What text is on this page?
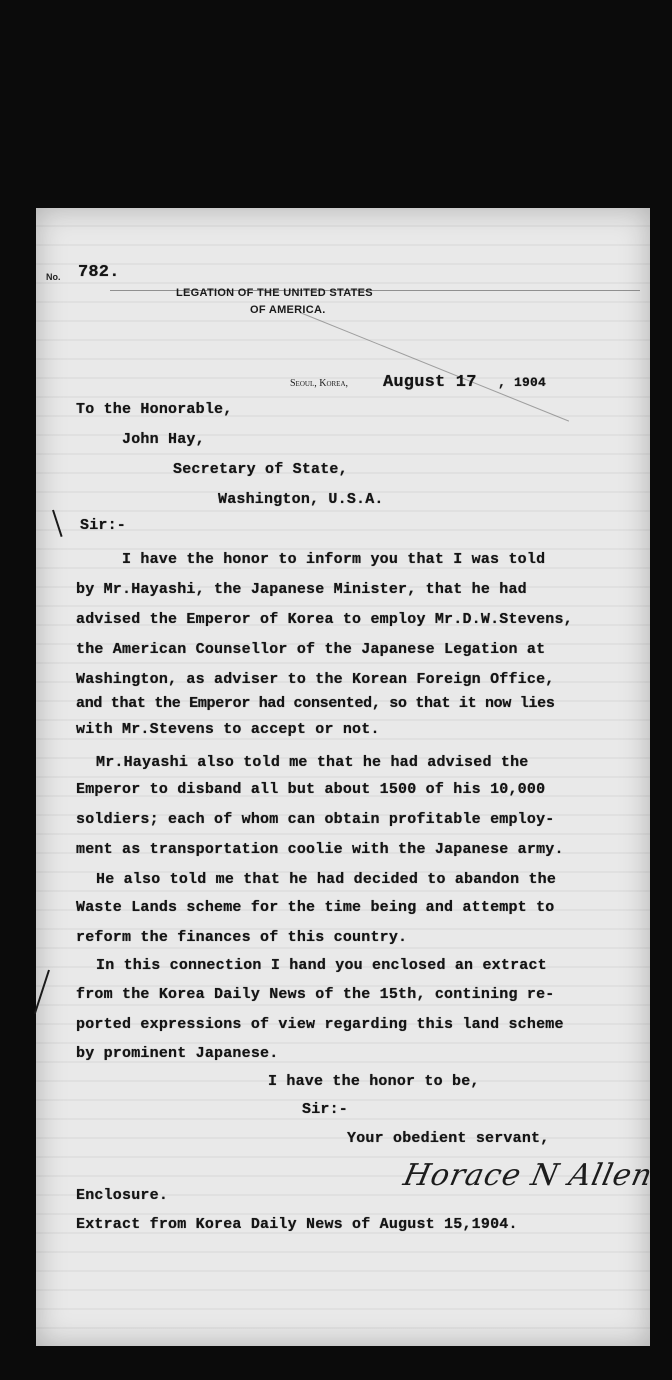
No. 782.
LEGATION OF THE UNITED STATES
OF AMERICA.
Seoul, Korea, August 17 , 1904
To the Honorable,
John Hay,
Secretary of State,
Washington, U.S.A.
Sir:-
I have the honor to inform you that I was told
by Mr.Hayashi, the Japanese Minister, that he had
advised the Emperor of Korea to employ Mr.D.W.Stevens,
the American Counsellor of the Japanese Legation at
Washington, as adviser to the Korean Foreign Office,
and that the Emperor had consented, so that it now lies
with Mr.Stevens to accept or not.
Mr.Hayashi also told me that he had advised the
Emperor to disband all but about 1500 of his 10,000
soldiers; each of whom can obtain profitable employ-
ment as transportation coolie with the Japanese army.
He also told me that he had decided to abandon the
Waste Lands scheme for the time being and attempt to
reform the finances of this country.
In this connection I hand you enclosed an extract
from the Korea Daily News of the 15th, contining re-
ported expressions of view regarding this land scheme
by prominent Japanese.
I have the honor to be,
Sir:-
Your obedient servant,
Horace N Allen
Enclosure.
Extract from Korea Daily News of August 15,1904.
